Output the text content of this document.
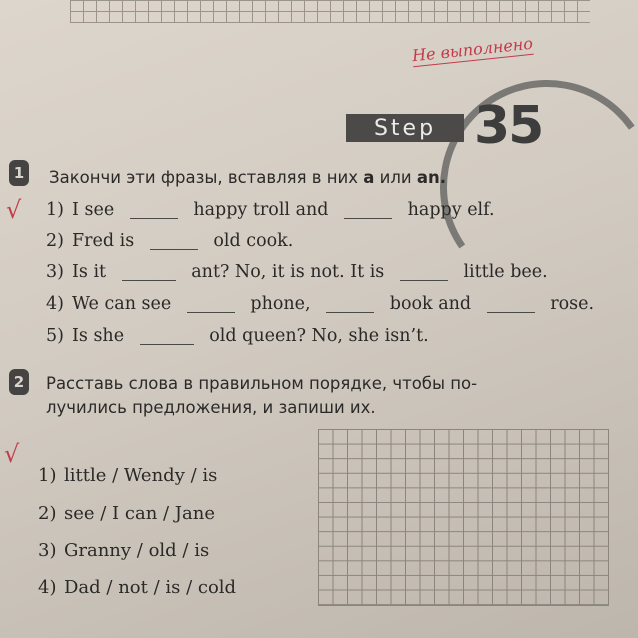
Не выполнено
Step 35
1
√
Закончи эти фразы, вставляя в них a или an.
1) I see	happy troll and	happy elf.
2) Fred is	old cook.
3) Is it	ant? No, it is not. It is	little bee.
4) We can see	phone,	book and	rose.
5) Is she	old queen? No, she isn’t.
2
√
Расставь слова в правильном порядке, чтобы по-
лучились предложения, и запиши их.
1) little / Wendy / is
2) see / I can / Jane
3) Granny / old / is
4) Dad / not / is / cold
